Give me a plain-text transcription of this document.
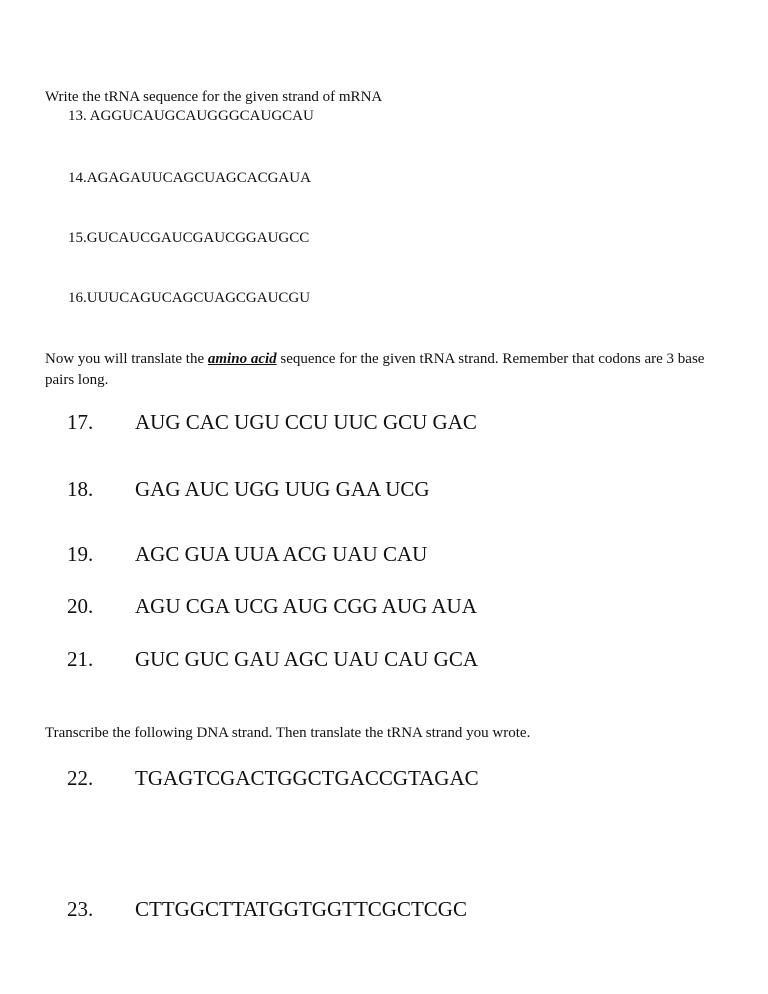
Write the tRNA sequence for the given strand of mRNA
13. AGGUCAUGCAUGGGCAUGCAU
14.AGAGAUUCAGCUAGCACGAUA
15.GUCAUCGAUCGAUCGGAUGCC
16.UUUCAGUCAGCUAGCGAUCGU
Now you will translate the amino acid sequence for the given tRNA strand. Remember that codons are 3 base pairs long.
17.	AUG CAC UGU CCU UUC GCU GAC
18.	GAG AUC UGG UUG GAA UCG
19.	AGC GUA UUA ACG UAU CAU
20.	AGU CGA UCG AUG CGG AUG AUA
21.	GUC GUC GAU AGC UAU CAU GCA
Transcribe the following DNA strand. Then translate the tRNA strand you wrote.
22.	TGAGTCGACTGGCTGACCGTAGAC
23.	CTTGGCTTATGGTGGTTCGCTCGC
